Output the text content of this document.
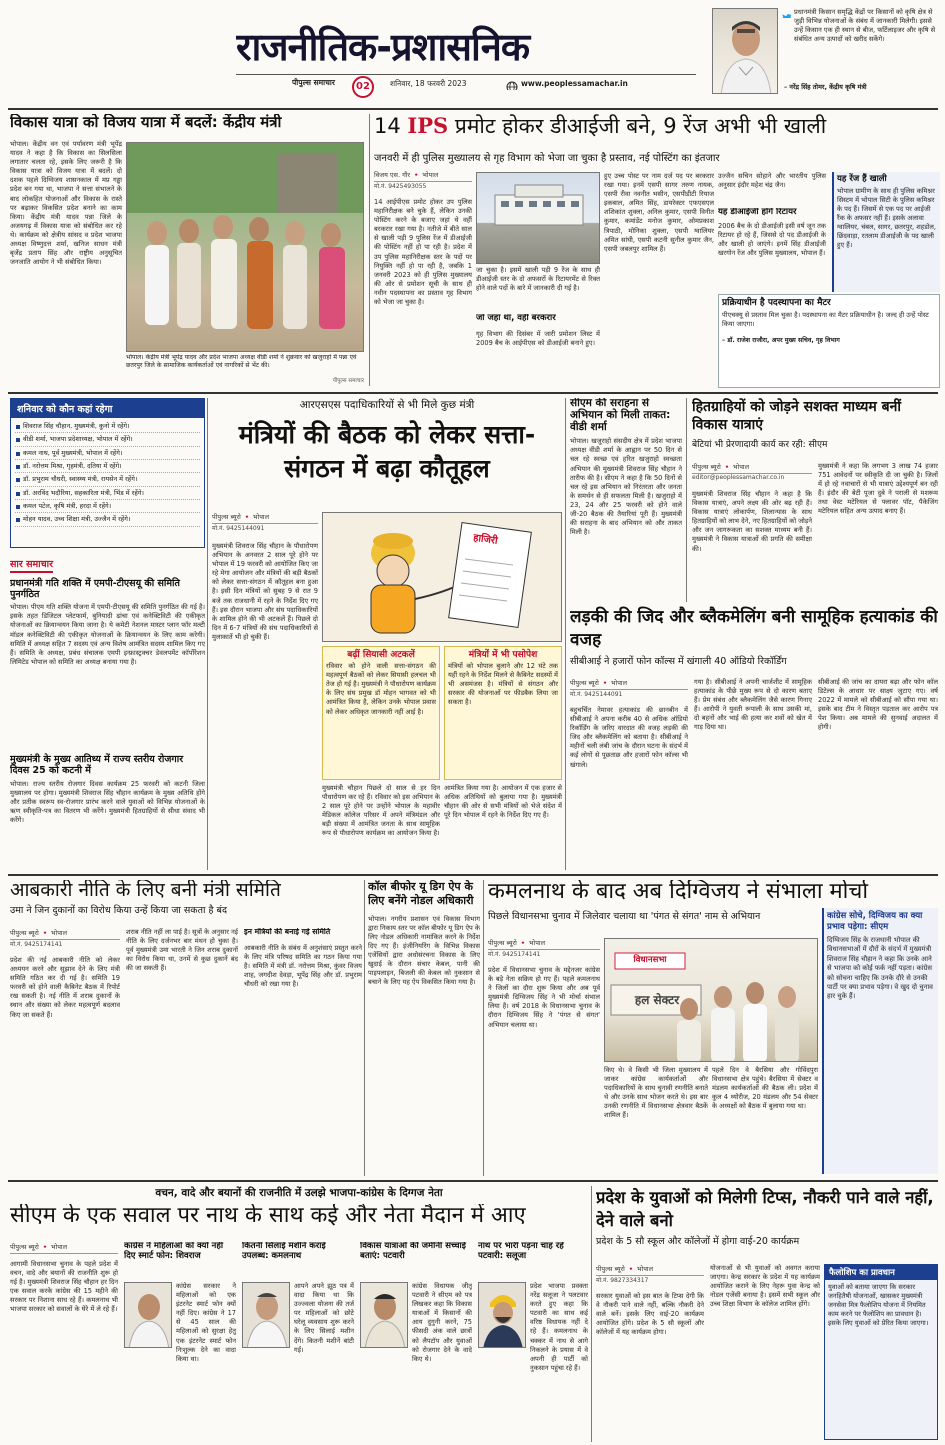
राजनीतिक-प्रशासनिक
पीपुल्स समाचार	02	शनिवार, 18 फरवरी 2023	www.peoplessamachar.in
प्रधानमंत्री किसान समृद्धि केंद्रों पर किसानों को कृषि क्षेत्र से जुड़ी विभिन्न योजनाओं के संबंध में जानकारी मिलेगी। इससे उन्हें किसान एक ही स्थान से बीज, फर्टिलाइजर और कृषि से संबंधित अन्य उत्पादों को खरीद सकेंगे।
– नरेंद्र सिंह तोमर, केंद्रीय कृषि मंत्री
विकास यात्रा को विजय यात्रा में बदलें: केंद्रीय मंत्री
भोपाल। केंद्रीय वन एवं पर्यावरण मंत्री भूपेंद्र यादव ने कहा है कि विकास का सिलसिला लगातार चलता रहे, इसके लिए जरूरी है कि विकास यात्रा को विजय यात्रा में बदलें। दो दशक पहले दिग्विजय शासनकाल में मप्र गड्ढा प्रदेश बन गया था, भाजपा ने सत्ता संभालने के बाद लोकहित योजनाओं और विकास के रास्ते पर बढ़ाकर विकसित प्रदेश बनाने का काम किया। केंद्रीय मंत्री यादव पन्ना जिले के अजयगढ़ में विकास यात्रा को संबोधित कर रहे थे। कार्यक्रम को क्षेत्रीय सांसद व प्रदेश भाजपा अध्यक्ष विष्णुदत्त शर्मा, खनिज साधन मंत्री बृजेंद्र प्रताप सिंह और राष्ट्रीय अनुसूचित जनजाति आयोग ने भी संबोधित किया।
भोपाल। केंद्रीय मंत्री भूपेंद्र यादव और प्रदेश भाजपा अध्यक्ष वीडी शर्मा ने शुक्रवार को खजुराहो में पन्ना एवं छतरपुर जिले के सामाजिक कार्यकर्ताओं एवं नागरिकों से भेंट की।
पीपुल्स समाचार
14 IPS प्रमोट होकर डीआईजी बने, 9 रेंज अभी भी खाली
जनवरी में ही पुलिस मुख्यालय से गृह विभाग को भेजा जा चुका है प्रस्ताव, नई पोस्टिंग का इंतजार
विजय एस. गौर • भोपाल
मो.नं. 9425493055
14 आईपीएस प्रमोट होकर उप पुलिस महानिरीक्षक बने चुके हैं, लेकिन उनकी पोस्टिंग करने के बजाए जहां थे वहीं बरकरार रखा गया है। नतीजे में बीते साल से खाली पड़ी 9 पुलिस रेंज में डीआईजी की पोस्टिंग नहीं हो पा रही है। प्रदेश में उप पुलिस महानिरीक्षक स्तर के पदों पर नियुक्ति नहीं हो पा रही है, जबकि 1 जनवरी 2023 को ही पुलिस मुख्यालय की ओर से प्रमोशन सूची के साथ ही नवीन पदस्थापना का प्रस्ताव गृह विभाग को भेजा जा चुका है।
जा चुका है। इसमें खाली पड़ी 9 रेंज के साथ ही डीआईजी स्तर के दो अफसरों के रिटायरमेंट से रिक्त होने वाले पदों के बारे में जानकारी दी गई है।
जो जहां था, वहीं बरकरार
गृह विभाग की दिसंबर में जारी प्रमोशन लिस्ट में 2009 बैच के आईपीएस को डीआईजी बनाने हुए।
हुए उच्च पोस्ट पर नाम दर्ज पद पर बरकरार रखा गया। इनमें एसपी सागर तरुण नायक, एसपी रीवा नवनीत भसीन, एसपीडीटी रियाज इकबाल, अमित सिंह, डायरेक्टर एफएसएल शशिकांत शुक्ला, अनिल कुमार, एसपी विनीत कुमार, कमांडेंट मनोज कुमार, ओमप्रकाश त्रिपाठी, मोनिका शुक्ला, एसपी ग्वालियर अमित सांघी, एसपी कटनी सुनील कुमार जैन, एसपी जबलपुर शामिल हैं।
उज्जैन सचिन सोहाने और भारतीय पुलिस अनुसार इंदौर महेश चंद्र जैन।
यह डीआईजी होंगे रिटायर
2006 बैच के दो डीआईजी इसी वर्ष जून तक रिटायर हो रहे हैं, जिससे दो पद डीआईजी के और खाली हो जाएंगे। इनमें सिंह डीआईजी खरगोन रेंज और पुलिस मुख्यालय, भोपाल हैं।
यह रेंज हैं खाली
भोपाल ग्रामीण के साथ ही पुलिस कमिश्नर सिस्टम में भोपाल सिटी के पुलिस कमिश्नर के पद हैं। जिसमें से एक पद पर आईजी रैंक के अफसर नहीं हैं। इसके अलावा ग्वालियर, चंबल, सागर, छतरपुर, शहडोल, छिंदवाड़ा, रतलाम डीआईजी के पद खाली हुए हैं।
प्रक्रियाधीन है पदस्थापना का मैटर
पीएचक्यू से प्रस्ताव मिल चुका है। पदस्थापना का मैटर प्रक्रियाधीन है। जल्द ही उन्हें पोस्ट किया जाएगा।
– डॉ. राजेश राजौरा, अपर मुख्य सचिव, गृह विभाग
शनिवार को कौन कहां रहेगा
शिवराज सिंह चौहान, मुख्यमंत्री, कुनो में रहेंगे।
वीडी शर्मा, भाजपा प्रदेशाध्यक्ष, भोपाल में रहेंगे।
कमल नाथ, पूर्व मुख्यमंत्री, भोपाल में रहेंगे।
डॉ. नरोत्तम मिश्रा, गृहमंत्री, दतिया में रहेंगे।
डॉ. प्रभुराम चौधरी, स्वास्थ्य मंत्री, रायसेन में रहेंगे।
डॉ. अरविंद भदौरिया, सहकारिता मंत्री, भिंड में रहेंगे।
कमल पटेल, कृषि मंत्री, हरदा में रहेंगे।
मोहन यादव, उच्च शिक्षा मंत्री, उज्जैन में रहेंगे।
सार समाचार
प्रधानमंत्री गति शक्ति में एमपी-टीएसयू की समिति पुनर्गठित
भोपाल। पीएम गति शक्ति योजना में एमपी-टीएसयू की समिति पुनर्गठित की गई है। इसके तहत डिजिटल प्लेटफार्म, बुनियादी ढांचा एवं कनेक्टिविटी की एकीकृत योजनाओं का क्रियान्वयन किया जाना है। ये कमेटी नेशनल मास्टर प्लान फॉर मल्टी मॉडल कनेक्टिविटी की एकीकृत योजनाओं के क्रियान्वयन के लिए काम करेगी। समिति में अध्यक्ष सहित 7 सदस्य एवं अन्य विशेष आमंत्रित सदस्य शामिल किए गए हैं। समिति के अध्यक्ष, प्रबंध संचालक एमपी इन्फ्रास्ट्रक्चर डेवलपमेंट कॉर्पोरेशन लिमिटेड भोपाल को समिति का अध्यक्ष बनाया गया है।
मुख्यमंत्री के मुख्य आतिथ्य में राज्य स्तरीय रोजगार दिवस 25 को कटनी में
भोपाल। राज्य स्तरीय रोजगार दिवस कार्यक्रम 25 फरवरी को कटनी जिला मुख्यालय पर होगा। मुख्यमंत्री शिवराज सिंह चौहान कार्यक्रम के मुख्य अतिथि होंगे और प्रतीक स्वरूप स्व-रोजगार प्रारंभ करने वाले युवाओं को विभिन्न योजनाओं के ऋण स्वीकृति-पत्र का वितरण भी करेंगे। मुख्यमंत्री हितग्राहियों से सीधा संवाद भी करेंगे।
आरएसएस पदाधिकारियों से भी मिले कुछ मंत्री
मंत्रियों की बैठक को लेकर सत्ता-संगठन में बढ़ा कौतूहल
पीपुल्स ब्यूरो • भोपाल
मो.नं. 9425144091
हाजिरी
मुख्यमंत्री शिवराज सिंह चौहान के पौधारोपण अभियान के अनवरत 2 साल पूरे होने पर भोपाल में 19 फरवरी को आयोजित किए जा रहे मेगा आयोजन और मंत्रियों की बड़ी बैठकों को लेकर सत्ता-संगठन में कौतूहल बना हुआ है। इसी दिन मंत्रियों को सुबह 9 से रात 9 बजे तक राजधानी में रहने के निर्देश दिए गए हैं। इस दौरान भाजपा और संघ पदाधिकारियों के शामिल होने की भी अटकलें हैं। पिछले दो दिन में 6-7 मंत्रियों की संघ पदाधिकारियों से मुलाकातें भी हो चुकी हैं।
बढ़ीं सियासी अटकलें
रविवार को होने वाली सत्ता-संगठन की महत्वपूर्ण बैठकों को लेकर सियासी हलचल भी तेज हो गई है। मुख्यमंत्री ने पौधारोपण कार्यक्रम के लिए संघ प्रमुख डॉ मोहन भागवत को भी आमंत्रित किया है, लेकिन उनके भोपाल प्रवास को लेकर अधिकृत जानकारी नहीं आई है।
मंत्रियों में भी पसोपेश
मंत्रियों को भोपाल बुलाने और 12 घंटे तक यहीं रहने के निर्देश मिलने से कैबिनेट सदस्यों में भी असमंजस है। मंत्रियों से संगठन और सरकार की योजनाओं पर फीडबैक लिया जा सकता है।
मुख्यमंत्री चौहान पिछले दो साल से हर दिन पौधारोपण कर रहे हैं। रविवार को इस अभियान के 2 साल पूरे होने पर उन्होंने भोपाल के महावीर मेडिकल कॉलेज परिसर में अपने मंत्रिमंडल और बड़ी संख्या में आमंत्रित जनता के साथ सामूहिक रूप से पौधारोपण कार्यक्रम का आयोजन किया है।
आमंत्रित किया गया है। आयोजन में एक हजार से अधिक अतिथियों को बुलाया गया है। मुख्यमंत्री चौहान की ओर से सभी मंत्रियों को भेजे संदेश में पूरे दिन भोपाल में रहने के निर्देश दिए गए हैं।
सीएम की सराहना से अभियान को मिली ताकत: वीडी शर्मा
भोपाल। खजुराहो संसदीय क्षेत्र में प्रदेश भाजपा अध्यक्ष वीडी शर्मा के आह्वान पर 50 दिन से चल रहे स्वच्छ एवं हरित खजुराहो स्वच्छता अभियान की मुख्यमंत्री शिवराज सिंह चौहान ने तारीफ की है। सीएम ने कहा है कि 50 दिनों से चल रहे इस अभियान को निरंतरता और जनता के समर्थन से ही सफलता मिली है। खजुराहो में 23, 24 और 25 फरवरी को होने वाले जी-20 बैठक की तैयारियां पूरी हैं। मुख्यमंत्री की सराहना के बाद अभियान को और ताकत मिली है।
हितग्राहियों को जोड़ने सशक्त माध्यम बनीं विकास यात्राएं
बेटियां भी प्रेरणादायी कार्य कर रही: सीएम
पीपुल्स ब्यूरो • भोपाल
editor@peoplessamachar.co.in
मुख्यमंत्री शिवराज सिंह चौहान ने कहा है कि विकास यात्राएं, अपने लक्ष्य की ओर बढ़ रही हैं। विकास यात्राएं लोकार्पण, शिलान्यास के साथ हितग्राहियों को लाभ देने, नए हितग्राहियों को जोड़ने और जन जागरूकता का सशक्त माध्यम बनी हैं। मुख्यमंत्री ने विकास यात्राओं की प्रगति की समीक्षा की।
मुख्यमंत्री ने कहा कि लगभग 3 लाख 74 हजार 751 आवेदनों पर स्वीकृति दी जा चुकी है। जिलों में हो रहे नवाचारों से भी यात्राएं उद्देश्यपूर्ण बन रही हैं। इंदौर की बेटी पूजा दुबे ने पराली से मशरूम तथा वेस्ट मटेरियल से फ्लावर पॉट, पैकेजिंग मटेरियल सहित अन्य उत्पाद बनाए हैं।
लड़की की जिद और ब्लैकमेलिंग बनी सामूहिक हत्याकांड की वजह
सीबीआई ने हजारों फोन कॉल्स में खंगाली 40 ऑडियो रिकॉर्डिंग
पीपुल्स ब्यूरो • भोपाल
मो.नं. 9425144091
बहुचर्चित नेमावर हत्याकांड की छानबीन में सीबीआई ने अपना करीब 40 से अधिक ऑडियो रिकॉर्डिंग के जरिए वारदात की वजह लड़की की जिद और ब्लैकमेलिंग को बताया है। सीबीआई ने महीनों चली लंबी जांच के दौरान घटना के संदर्भ में कई लोगों से पूछताछ और हजारों फोन कॉल्स भी खंगाले।
गया है। सीबीआई ने अपनी चार्जशीट में सामूहिक हत्याकांड के पीछे मुख्य रूप से दो कारण बताए हैं। प्रेम संबंध और ब्लैकमेलिंग जैसे कारण गिनाए हैं। आरोपी ने युवती रूपाली के साथ उसकी मां, दो बहनों और भाई की हत्या कर शवों को खेत में गाड़ दिया था।
सीबीआई की जांच का दायरा बढ़ा और फोन कॉल डिटेल्स के आधार पर साक्ष्य जुटाए गए। वर्ष 2022 में मामले को सीबीआई को सौंपा गया था। इसके बाद टीम ने विस्तृत पड़ताल कर आरोप पत्र पेश किया। अब मामले की सुनवाई अदालत में होगी।
आबकारी नीति के लिए बनी मंत्री समिति
उमा ने जिन दुकानों का विरोध किया उन्हें किया जा सकता है बंद
पीपुल्स ब्यूरो • भोपाल
मो.नं. 9425174141
प्रदेश की नई आबकारी नीति को लेकर अध्ययन करने और सुझाव देने के लिए मंत्री समिति गठित कर दी गई है। समिति 19 फरवरी को होने वाली कैबिनेट बैठक में रिपोर्ट रख सकती है। नई नीति में शराब दुकानों के स्थान और संख्या को लेकर महत्वपूर्ण बदलाव किए जा सकते हैं।
शराब नीति नहीं ला पाई है। सूत्रों के अनुसार नई नीति के लिए दर्जनभर बार मंथन हो चुका है। पूर्व मुख्यमंत्री उमा भारती ने जिन शराब दुकानों का विरोध किया था, उनमें से कुछ दुकानें बंद की जा सकती हैं।
इन मंत्रियों की बनाई गई समिति
आबकारी नीति के संबंध में अनुशंसाएं प्रस्तुत करने के लिए मंत्रि परिषद समिति का गठन किया गया है। समिति में मंत्री डॉ. नरोत्तम मिश्रा, कुंवर विजय शाह, जगदीश देवड़ा, भूपेंद्र सिंह और डॉ. प्रभुराम चौधरी को रखा गया है।
कॉल बीफोर यू डिग ऐप के लिए बनेंगे नोडल अधिकारी
भोपाल। नगरीय प्रशासन एवं विकास विभाग द्वारा निकाय स्तर पर कॉल बीफोर यू डिग ऐप के लिए नोडल अधिकारी नामांकित करने के निर्देश दिए गए हैं। इंजीनियरिंग के विभिन्न विकास एजेंसियों द्वारा अधोसंरचना विकास के लिए खुदाई के दौरान संचार केबल, पानी की पाइपलाइन, बिजली की केबल को नुकसान से बचाने के लिए यह ऐप विकसित किया गया है।
कमलनाथ के बाद अब दिग्विजय ने संभाला मोर्चा
पिछले विधानसभा चुनाव में जिलेवार चलाया था 'पंगत से संगत' नाम से अभियान
पीपुल्स ब्यूरो • भोपाल
मो.नं. 9425174141
प्रदेश में विधानसभा चुनाव के मद्देनजर कांग्रेस के बड़े नेता सक्रिय हो गए हैं। पहले कमलनाथ ने जिलों का दौरा शुरू किया और अब पूर्व मुख्यमंत्री दिग्विजय सिंह ने भी मोर्चा संभाल लिया है। वर्ष 2018 के विधानसभा चुनाव के दौरान दिग्विजय सिंह ने 'पंगत से संगत' अभियान चलाया था।
विधानसभा
हल सेक्टर
किए थे। वे किसी भी जिला मुख्यालय में जाकर कांग्रेस कार्यकर्ताओं और पदाधिकारियों के साथ चुनावी रणनीति बनाते थे और उनके साथ भोजन करते थे। इस बार उनकी रणनीति में विधानसभा क्षेत्रवार बैठकें शामिल हैं।
पहले दिन वे बैरसिया और गोविंदपुरा विधानसभा क्षेत्र पहुंचे। बैरसिया में सेक्टर व मंडलम कार्यकर्ताओं की बैठक ली। प्रदेश में कुल 4 थ्योरीज, 20 मंडलम और 54 सेक्टर के अध्यक्षों को बैठक में बुलाया गया था।
कांग्रेस सोचे, दिग्विजय का क्या प्रभाव पड़ेगा: सीएम
दिग्विजय सिंह के राजधानी भोपाल की विधानसभाओं में दौरों के संदर्भ में मुख्यमंत्री शिवराज सिंह चौहान ने कहा कि उनके आने से भाजपा को कोई फर्क नहीं पड़ता। कांग्रेस को सोचना चाहिए कि उनके दौरे से उनकी पार्टी पर क्या प्रभाव पड़ेगा। वे खुद दो चुनाव हार चुके हैं।
वचन, वादे और बयानों की राजनीति में उलझे भाजपा-कांग्रेस के दिग्गज नेता
सीएम के एक सवाल पर नाथ के साथ कई और नेता मैदान में आए
पीपुल्स ब्यूरो • भोपाल
आगामी विधानसभा चुनाव के पहले प्रदेश में वचन, वादे और बयानों की राजनीति शुरू हो गई है। मुख्यमंत्री शिवराज सिंह चौहान हर दिन एक सवाल करके कांग्रेस की 15 महीने की सरकार पर निशाना साध रहे हैं। कमलनाथ भी भाजपा सरकार को सवालों के घेरे में ले रहे हैं।
कांग्रेस ने महिलाओं को क्यों नहीं दिए स्मार्ट फोन: शिवराज
कांग्रेस सरकार ने महिलाओं को एक इंटरनेट स्मार्ट फोन क्यों नहीं दिए। कांग्रेस ने 17 से 45 साल की महिलाओं को सुरक्षा हेतु एक इंटरनेट स्मार्ट फोन निःशुल्क देने का वादा किया था।
कितनी सिलाई मशीनें कराई उपलब्ध: कमलनाथ
आपने अपने झूठ पत्र में वादा किया था कि उज्ज्वला योजना की तर्ज पर महिलाओं को छोटे घरेलू व्यवसाय शुरू करने के लिए सिलाई मशीन देंगे। कितनी मशीनें बांटी गईं।
विकास यात्राओं की जमीनी सच्चाई बताएं: पटवारी
कांग्रेस विधायक जीतू पटवारी ने सीएम को पत्र लिखकर कहा कि विकास यात्राओं में किसानों की आय दुगुनी करने, 75 फीसदी अंक वाले छात्रों को लैपटॉप और युवाओं को रोजगार देने के वादे किए थे।
नाथ पर भारी पड़ना चाह रहे पटवारी: सलूजा
प्रदेश भाजपा प्रवक्ता नरेंद्र सलूजा ने पलटवार करते हुए कहा कि पटवारी का साथ कई वरिष्ठ विधायक नहीं दे रहे हैं। कमलनाथ के चक्कर में नाथ से आगे निकलने के प्रयास में वे अपनी ही पार्टी को नुकसान पहुंचा रहे हैं।
प्रदेश के युवाओं को मिलेगी टिप्स, नौकरी पाने वाले नहीं, देने वाले बनो
प्रदेश के 5 सौ स्कूल और कॉलेजों में होगा वाई-20 कार्यक्रम
पीपुल्स ब्यूरो • भोपाल
मो.नं. 9827334317
सरकार युवाओं को इस बात के टिप्स देगी कि वे नौकरी पाने वाले नहीं, बल्कि नौकरी देने वाले बनें। इसके लिए वाई-20 कार्यक्रम आयोजित होंगे। प्रदेश के 5 सौ स्कूलों और कॉलेजों में यह कार्यक्रम होगा।
योजनाओं से भी युवाओं को अवगत कराया जाएगा। केन्द्र सरकार के प्रदेश में यह कार्यक्रम आयोजित कराने के लिए नेहरू युवा केन्द्र को नोडल एजेंसी बनाया है। इसमें सभी स्कूल और उच्च शिक्षा विभाग के कॉलेज शामिल होंगे।
फैलोशिप का प्रावधान
युवाओं को बताया जाएगा कि सरकार जनहितैषी योजनाओं, खासकर मुख्यमंत्री जनसेवा मित्र फैलोशिप योजना में नियमित काम करने पर फैलोशिप का प्रावधान है। इसके लिए युवाओं को प्रेरित किया जाएगा।
